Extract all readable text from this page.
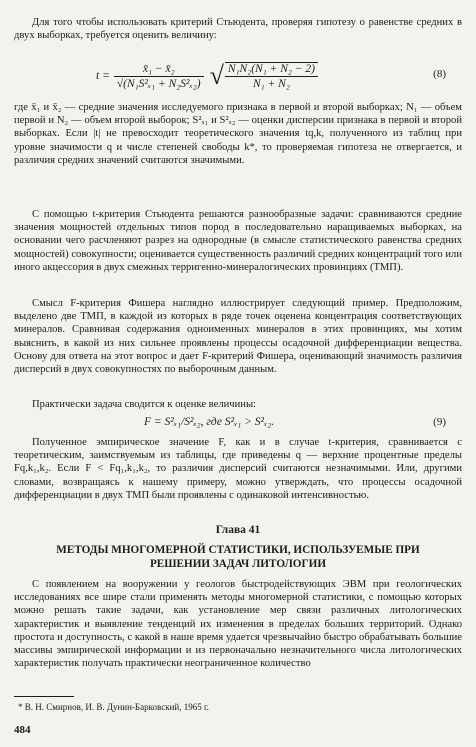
Для того чтобы использовать критерий Стьюдента, проверяя гипотезу о равенстве средних в двух выборках, требуется оценить величину:

$t = \frac{\text{x̄₁ − x̄₂}}{\text{√(N₁S²ₓ₁ + N₂S²ₓ₂)}}$ √ $\frac{\text{N₁N₂(N₁ + N₂ − 2)}}{\text{N₁ + N₂}}$	(8)

где x̄₁ и x̄₂ — средние значения исследуемого признака в первой и второй выборках; N₁ — объем первой и N₂ — объем второй выборок; S²ₓ₁ и S²ₓ₂ — оценки дисперсии признака в первой и второй выборках. Если |t| не превосходит теоретического значения tq,k, полученного из таблиц при уровне значимости q и числе степеней свободы k*, то проверяемая гипотеза не отвергается, и различия средних значений считаются значимыми.

С помощью t-критерия Стьюдента решаются разнообразные задачи: сравниваются средние значения мощностей отдельных типов пород в последовательно наращиваемых выборках, на основании чего расчленяют разрез на однородные (в смысле статистического равенства средних мощностей) совокупности; оценивается существенность различий средних концентраций того или иного акцессория в двух смежных терригенно-минералогических провинциях (ТМП).

Смысл F-критерия Фишера наглядно иллюстрирует следующий пример. Предположим, выделено две ТМП, в каждой из которых в ряде точек оценена концентрация соответствующих минералов. Сравнивая содержания одноименных минералов в этих провинциях, мы хотим выяснить, в какой из них сильнее проявлены процессы осадочной дифференциации вещества. Основу для ответа на этот вопрос и дает F-критерий Фишера, оценивающий значимость различия дисперсий в двух совокупностях по выборочным данным.

Практически задача сводится к оценке величины:

F = S²ₓ₁/S²ₓ₂, где S²ₓ₁ > S²ₓ₂.	(9)

Полученное эмпирическое значение F, как и в случае t-критерия, сравнивается с теоретическим, заимствуемым из таблицы, где приведены q — верхние процентные пределы Fq,k₁,k₂. Если F < Fq₁,k₁,k₂, то различия дисперсий считаются незначимыми. Или, другими словами, возвращаясь к нашему примеру, можно утверждать, что процессы осадочной дифференциации в двух ТМП были проявлены с одинаковой интенсивностью.

Глава 41
МЕТОДЫ МНОГОМЕРНОЙ СТАТИСТИКИ, ИСПОЛЬЗУЕМЫЕ ПРИ РЕШЕНИИ ЗАДАЧ ЛИТОЛОГИИ

С появлением на вооружении у геологов быстродействующих ЭВМ при геологических исследованиях все шире стали применять методы многомерной статистики, с помощью которых можно решать такие задачи, как установление мер связи различных литологических характеристик и выявление тенденций их изменения в пределах больших территорий. Однако простота и доступность, с какой в наше время удается чрезвычайно быстро обрабатывать большие массивы эмпирической информации и из первоначально незначительного числа литологических характеристик получать практически неограниченное количество

* В. Н. Смирнов, И. В. Дунин-Барковский, 1965 г.
484
